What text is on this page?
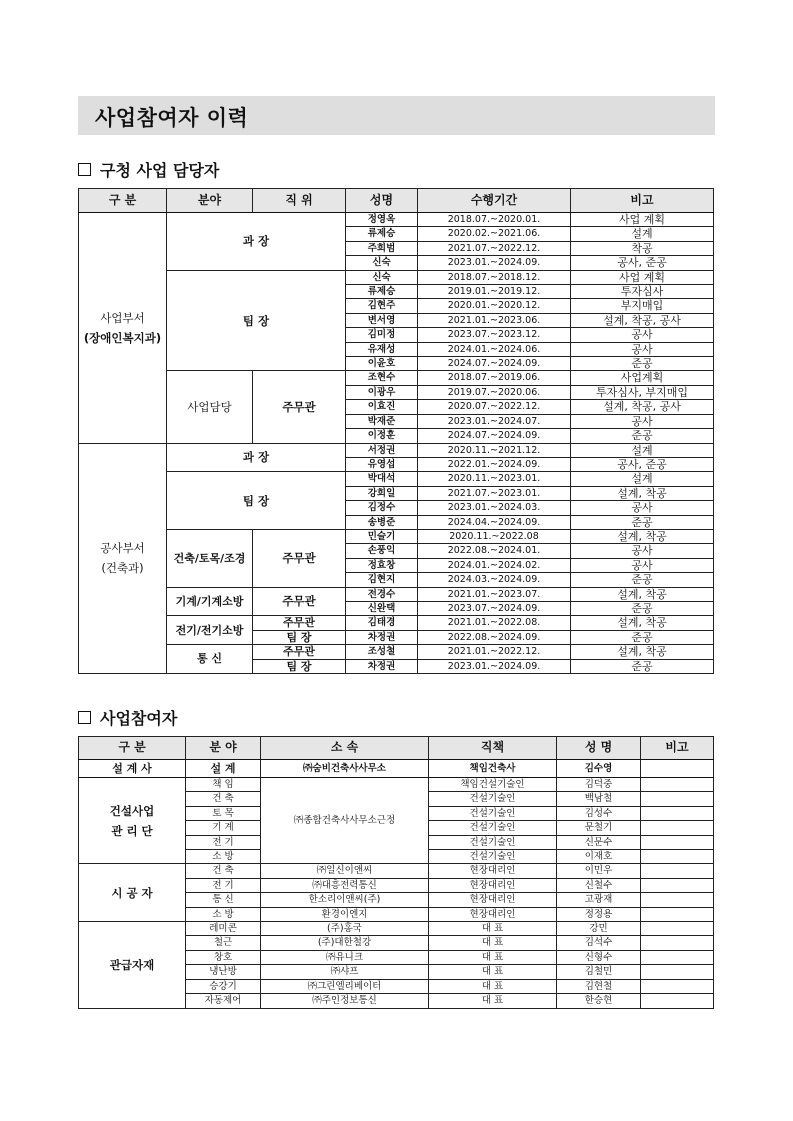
사업참여자 이력
구청 사업 담당자
구 분	분야	직 위	성명	수행기간	비고

사업부서
(장애인복지과)	과 장		정영옥	2018.07.~2020.01.	사업 계획
			류제승	2020.02.~2021.06.	설계
			주희범	2021.07.~2022.12.	착공
			신숙	2023.01.~2024.09.	공사, 준공
	팀 장		신숙	2018.07.~2018.12.	사업 계획
			류제승	2019.01.~2019.12.	투자심사
			김현주	2020.01.~2020.12.	부지매입
			변서영	2021.01.~2023.06.	설계, 착공, 공사
			김미정	2023.07.~2023.12.	공사
			유재성	2024.01.~2024.06.	공사
			이윤호	2024.07.~2024.09.	준공
	사업담당	주무관	조현수	2018.07.~2019.06.	사업계획
			이광우	2019.07.~2020.06.	투자심사, 부지매입
			이효진	2020.07.~2022.12.	설계, 착공, 공사
			박재준	2023.01.~2024.07.	공사
			이정훈	2024.07.~2024.09.	준공

공사부서
(건축과)	과 장		서정권	2020.11.~2021.12.	설계
			유영섭	2022.01.~2024.09.	공사, 준공
	팀 장		박대석	2020.11.~2023.01.	설계
			강희일	2021.07.~2023.01.	설계, 착공
			김정수	2023.01.~2024.03.	공사
			송병준	2024.04.~2024.09.	준공
	건축/토목/조경	주무관	민슬기	2020.11.~2022.08	설계, 착공
			손풍익	2022.08.~2024.01.	공사
			정효창	2024.01.~2024.02.	공사
			김현지	2024.03.~2024.09.	준공
	기계/기계소방	주무관	전경수	2021.01.~2023.07.	설계, 착공
			신완택	2023.07.~2024.09.	준공
	전기/전기소방	주무관	김태경	2021.01.~2022.08.	설계, 착공
		팀 장	차정권	2022.08.~2024.09.	준공
	통 신	주무관	조성철	2021.01.~2022.12.	설계, 착공
		팀 장	차정권	2023.01.~2024.09.	준공
사업참여자
구 분	분 야	소 속	직책	성 명	비고
설 계 사	설 계	㈜숨비건축사사무소	책임건축사	김수영	

건설사업
관 리 단	책 임	㈜종합건축사사무소근정	책임건설기술인	김덕중	
	건 축		건설기술인	백남철	
	토 목		건설기술인	김성수	
	기 계		건설기술인	문철기	
	전 기		건설기술인	신문수	
	소 방		건설기술인	이재호	
시 공 자	건 축	㈜일신이앤씨	현장대리인	이민우	
	전 기	㈜대흥전력통신	현장대리인	신철수	
	통 신	한소리이앤씨(주)	현장대리인	고광재	
	소 방	환경이엔지	현장대리인	정정용	
관급자재	레미콘	(주)홍국	대 표	강민	
	철근	(주)대한철강	대 표	김석수	
	창호	㈜유니크	대 표	신형수	
	냉난방	㈜샤프	대 표	김철민	
	승강기	㈜그린엘리베이터	대 표	김현철	
	자동제어	㈜주인정보통신	대 표	한승현	
